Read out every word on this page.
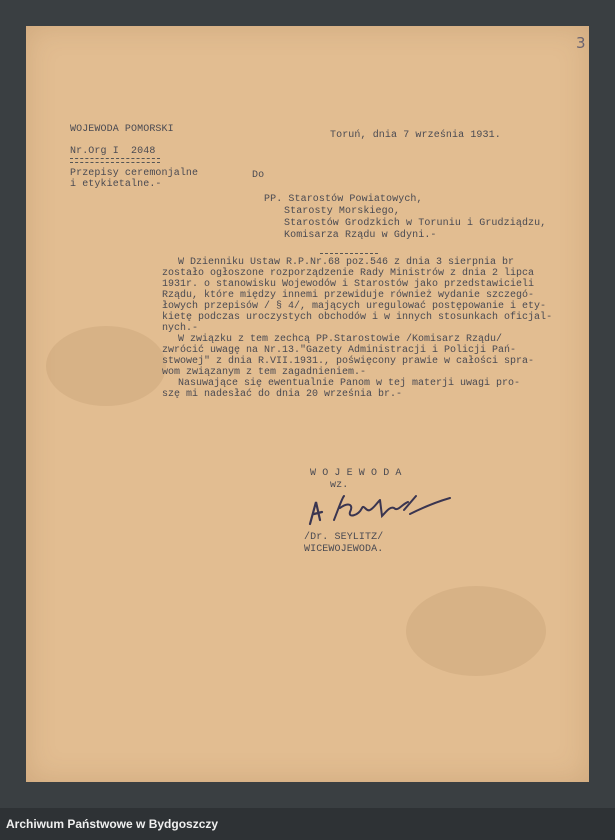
3
WOJEWODA POMORSKI
Toruń, dnia 7 września 1931.
Nr.Org I  2048
Przepisy ceremonjalne
i etykietalne.-
Do
PP. Starostów Powiatowych,
Starosty Morskiego,
Starostów Grodzkich w Toruniu i Grudziądzu,
Komisarza Rządu w Gdyni.-
W Dzienniku Ustaw R.P.Nr.68 poz.546 z dnia 3 sierpnia br
zostało ogłoszone rozporządzenie Rady Ministrów z dnia 2 lipca
1931r. o stanowisku Wojewodów i Starostów jako przedstawicieli
Rządu, które między innemi przewiduje również wydanie szczegó-
łowych przepisów / § 4/, mających uregulować postępowanie i ety-
kietę podczas uroczystych obchodów i w innych stosunkach oficjal-
nych.-
W związku z tem zechcą PP.Starostowie /Komisarz Rządu/
zwrócić uwagę na Nr.13."Gazety Administracji i Policji Pań-
stwowej" z dnia R.VII.1931., poświęcony prawie w całości spra-
wom związanym z tem zagadnieniem.-
Nasuwające się ewentualnie Panom w tej materji uwagi pro-
szę mi nadesłać do dnia 20 września br.-
W O J E W O D A
wz.
/Dr. SEYLITZ/
WICEWOJEWODA.
Archiwum Państwowe w Bydgoszczy
